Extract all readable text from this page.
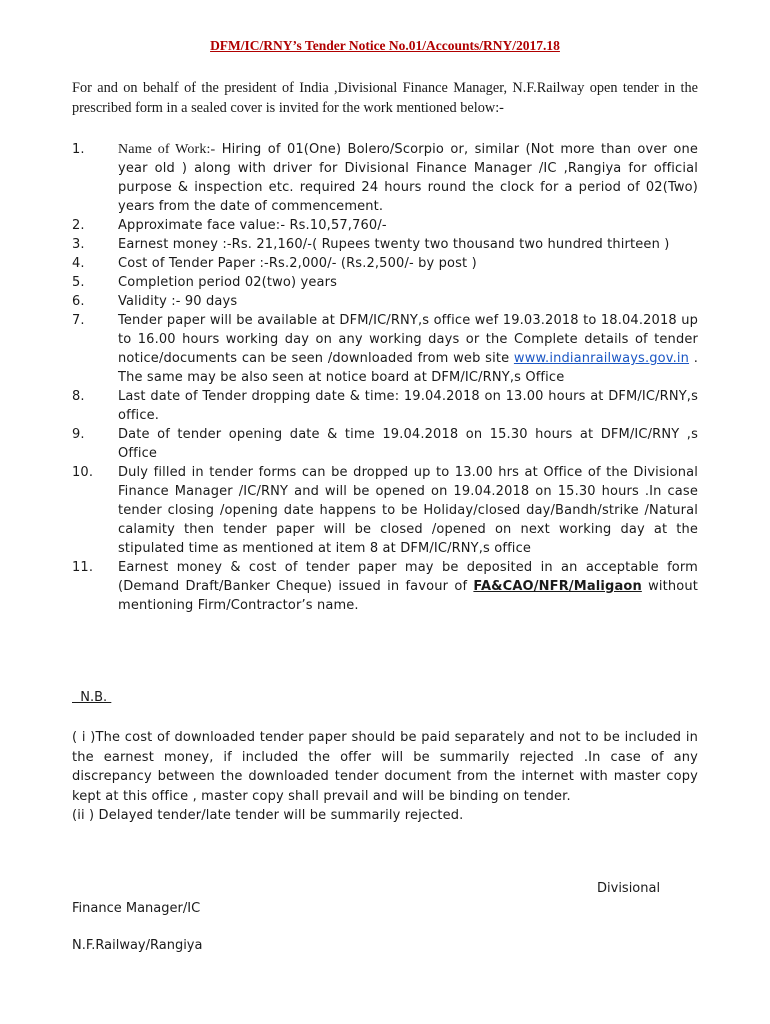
DFM/IC/RNY’s Tender Notice No.01/Accounts/RNY/2017.18
For and on behalf of the president of India ,Divisional Finance Manager, N.F.Railway open tender in the prescribed form in a sealed cover is invited for the work mentioned below:-
1.	Name of Work:- Hiring of 01(One) Bolero/Scorpio or, similar (Not more than over one year old ) along with driver for Divisional Finance Manager /IC ,Rangiya for official purpose & inspection etc. required 24 hours round the clock for a period of 02(Two) years from the date of commencement.
2.	Approximate face value:- Rs.10,57,760/-
3.	Earnest money :-Rs. 21,160/-( Rupees twenty two thousand two hundred thirteen )
4.	Cost of Tender Paper :-Rs.2,000/- (Rs.2,500/- by post )
5.	Completion period 02(two) years
6.	Validity :- 90 days
7.	Tender paper will be available at DFM/IC/RNY,s office wef 19.03.2018 to 18.04.2018 up to 16.00 hours working day on any working days or the Complete details of tender notice/documents can be seen /downloaded from web site www.indianrailways.gov.in . The same may be also seen at notice board at DFM/IC/RNY,s Office
8.	Last date of Tender dropping date & time: 19.04.2018 on 13.00 hours at DFM/IC/RNY,s office.
9.	Date of tender opening date & time 19.04.2018 on 15.30 hours at DFM/IC/RNY ,s Office
10.	Duly filled in tender forms can be dropped up to 13.00 hrs at Office of the Divisional Finance Manager /IC/RNY and will be opened on 19.04.2018 on 15.30 hours .In case tender closing /opening date happens to be Holiday/closed day/Bandh/strike /Natural calamity then tender paper will be closed /opened on next working day at the stipulated time as mentioned at item 8 at DFM/IC/RNY,s office
11.	Earnest money & cost of tender paper may be deposited in an acceptable form (Demand Draft/Banker Cheque) issued in favour of FA&CAO/NFR/Maligaon without mentioning Firm/Contractor’s name.
N.B.

( i )The cost of downloaded tender paper should be paid separately and not to be included in the earnest money, if included the offer will be summarily rejected .In case of any discrepancy between the downloaded tender document from the internet with master copy kept at this office , master copy shall prevail and will be binding on tender.

(ii ) Delayed tender/late tender will be summarily rejected.

Divisional
Finance Manager/IC
N.F.Railway/Rangiya
